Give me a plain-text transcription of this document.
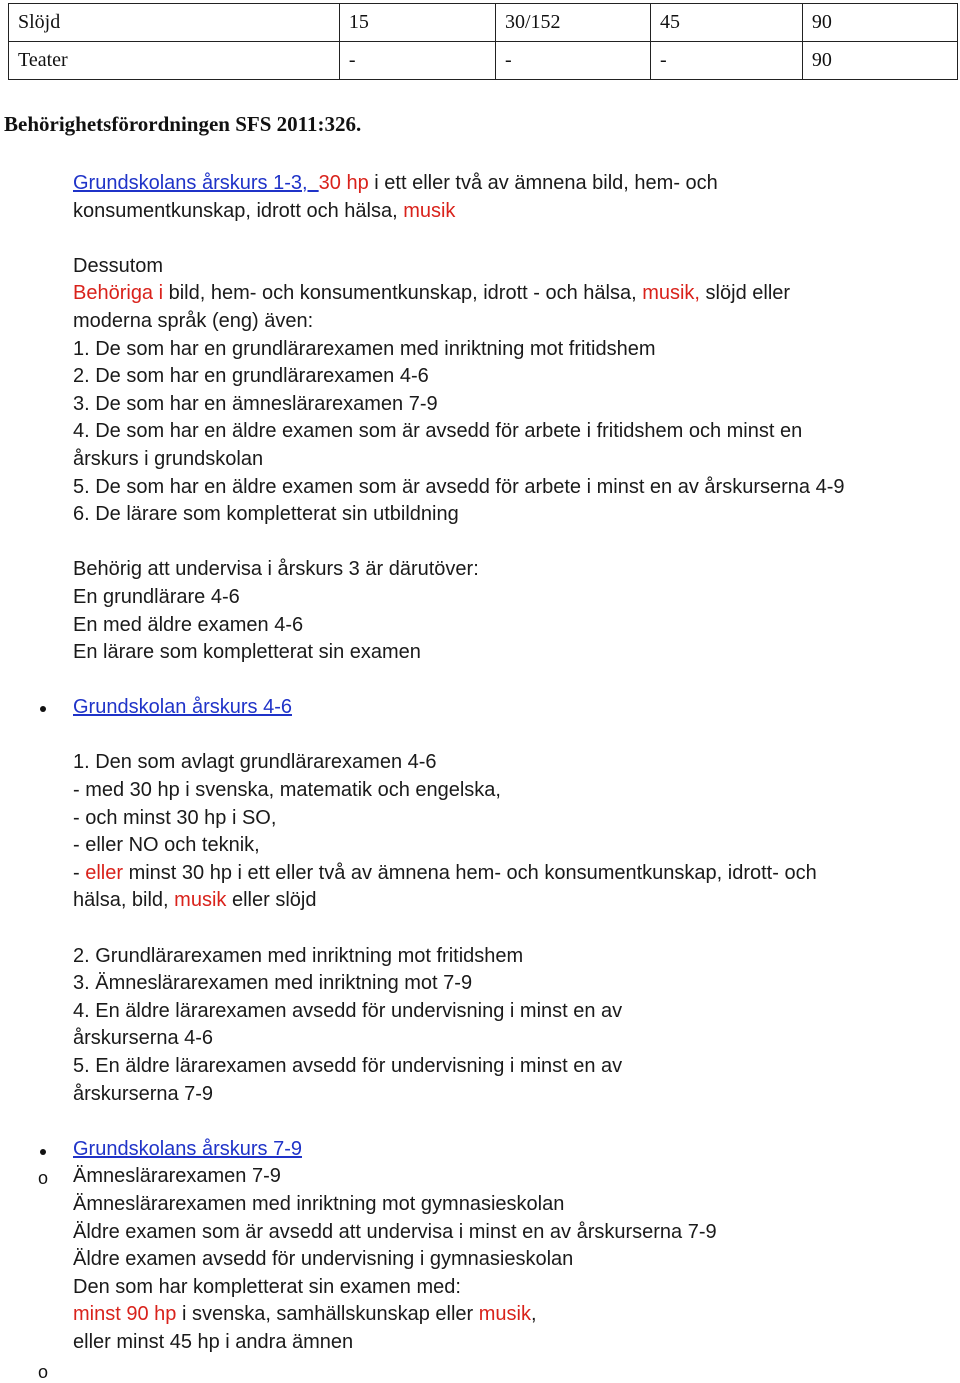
Slöjd	15	30/152	45	90
Teater	-	-	-	90
Behörighetsförordningen SFS 2011:326.
o
o
Grundskolans årskurs 1-3,  30 hp i ett eller två av ämnena bild, hem- och
konsumentkunskap, idrott och hälsa, musik
Dessutom
Behöriga i bild, hem- och konsumentkunskap, idrott - och hälsa, musik, slöjd eller
moderna språk (eng) även:
1. De som har en grundlärarexamen med inriktning mot fritidshem
2. De som har en grundlärarexamen 4-6
3. De som har en ämneslärarexamen 7-9
4. De som har en äldre examen som är avsedd för arbete i fritidshem och minst en
årskurs i grundskolan
5. De som har en äldre examen som är avsedd för arbete i minst en av årskurserna 4-9
6. De lärare som kompletterat sin utbildning
Behörig att undervisa i årskurs 3 är därutöver:
En grundlärare 4-6
En med äldre examen 4-6
En lärare som kompletterat sin examen
Grundskolan årskurs 4-6
1. Den som avlagt grundlärarexamen 4-6
- med 30 hp i svenska, matematik och engelska,
- och minst 30 hp i SO,
- eller NO och teknik,
- eller minst 30 hp i ett eller två av ämnena hem- och konsumentkunskap, idrott- och
hälsa, bild, musik eller slöjd
2. Grundlärarexamen med inriktning mot fritidshem
3. Ämneslärarexamen med inriktning mot 7-9
4. En äldre lärarexamen avsedd för undervisning i minst en av
årskurserna 4-6
5. En äldre lärarexamen avsedd för undervisning i minst en av
årskurserna 7-9
Grundskolans årskurs 7-9
Ämneslärarexamen 7-9
Ämneslärarexamen med inriktning mot gymnasieskolan
Äldre examen som är avsedd att undervisa i minst en av årskurserna 7-9
Äldre examen avsedd för undervisning i gymnasieskolan
Den som har kompletterat sin examen med:
minst 90 hp i svenska, samhällskunskap eller musik,
eller minst 45 hp i andra ämnen
